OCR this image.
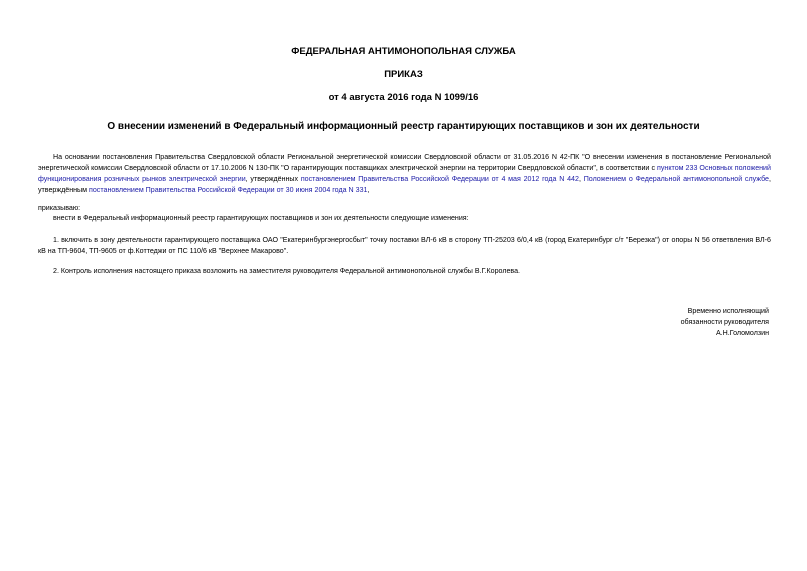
ФЕДЕРАЛЬНАЯ АНТИМОНОПОЛЬНАЯ СЛУЖБА
ПРИКАЗ
от 4 августа 2016 года N 1099/16
О внесении изменений в Федеральный информационный реестр гарантирующих поставщиков и зон их деятельности

На основании постановления Правительства Свердловской области Региональной энергетической комиссии Свердловской области от 31.05.2016 N 42-ПК "О внесении изменения в постановление Региональной энергетической комиссии Свердловской области от 17.10.2006 N 130-ПК "О гарантирующих поставщиках электрической энергии на территории Свердловской области", в соответствии с пунктом 233 Основных положений функционирования розничных рынков электрической энергии, утверждённых постановлением Правительства Российской Федерации от 4 мая 2012 года N 442, Положением о Федеральной антимонопольной службе, утверждённым постановлением Правительства Российской Федерации от 30 июня 2004 года N 331,

приказываю:

внести в Федеральный информационный реестр гарантирующих поставщиков и зон их деятельности следующие изменения:

1. включить в зону деятельности гарантирующего поставщика ОАО "Екатеринбургэнергосбыт" точку поставки ВЛ-6 кВ в сторону ТП-25203 6/0,4 кВ (город Екатеринбург с/т "Березка") от опоры N 56 ответвления ВЛ-6 кВ на ТП-9604, ТП-9605 от ф.Коттеджи от ПС 110/6 кВ "Верхнее Макарово".

2. Контроль исполнения настоящего приказа возложить на заместителя руководителя Федеральной антимонопольной службы В.Г.Королева.

Временно исполняющий
обязанности руководителя
А.Н.Голомолзин
